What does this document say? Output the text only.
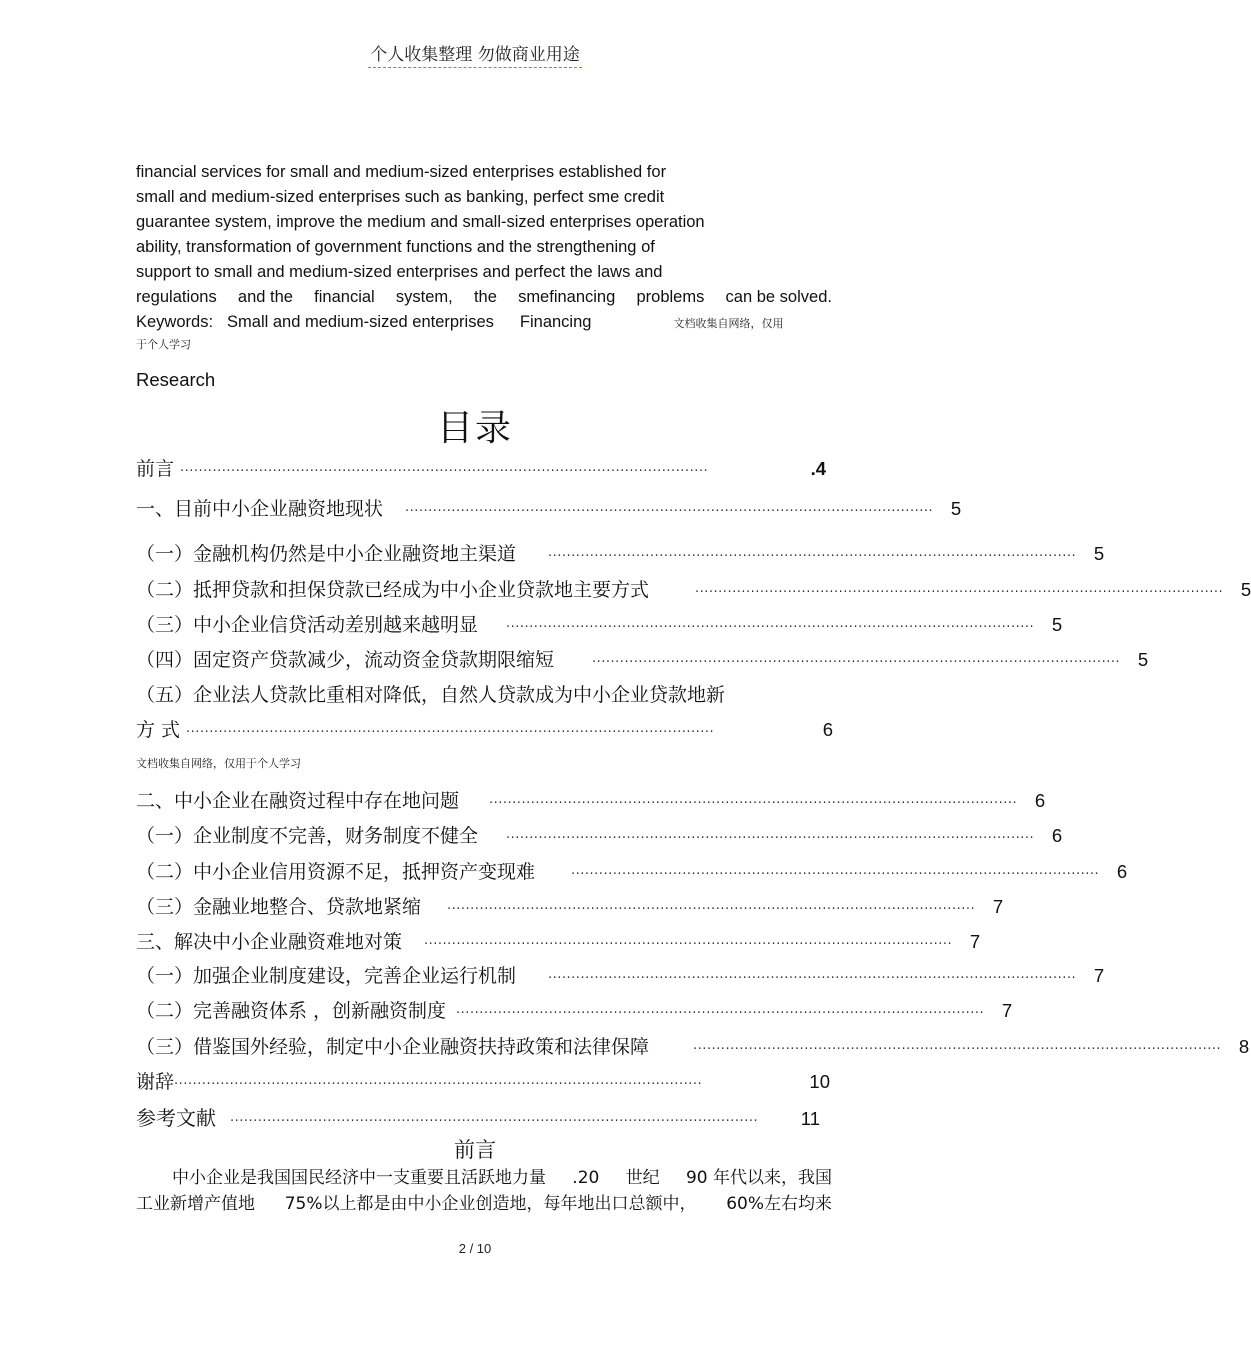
个人收集整理 勿做商业用途
financial services for small and medium-sized enterprises established for
small and medium-sized enterprises such as banking, perfect sme credit
guarantee system, improve the medium and small-sized enterprises operation
ability, transformation of government functions and the strengthening of
support to small and medium-sized enterprises and perfect the laws and
regulations and the financial system, the smefinancing problems can be solved.
Keywords: Small and medium-sized enterprises Financing	文档收集自网络，仅用
于个人学习
Research
目录
前言 ··················································································································	.4
一、目前中小企业融资地现状 ·················································································································· 5
（一）金融机构仍然是中小企业融资地主渠道 ·················································································································· 5
（二）抵押贷款和担保贷款已经成为中小企业贷款地主要方式	·················································································································· 5
（三）中小企业信贷活动差别越来越明显 ·················································································································· 5
（四）固定资产贷款减少，流动资金贷款期限缩短	·················································································································· 5
（五）企业法人贷款比重相对降低，自然人贷款成为中小企业贷款地新
方 式 ··················································································································	6
文档收集自网络，仅用于个人学习
二、中小企业在融资过程中存在地问题 ·················································································································· 6
（一）企业制度不完善，财务制度不健全 ·················································································································· 6
（二）中小企业信用资源不足，抵押资产变现难	·················································································································· 6
（三）金融业地整合、贷款地紧缩 ·················································································································· 7
三、解决中小企业融资难地对策 ·················································································································· 7
（一）加强企业制度建设，完善企业运行机制 ·················································································································· 7
（二）完善融资体系 ，创新融资制度 ·················································································································· 7
（三）借鉴国外经验，制定中小企业融资扶持政策和法律保障	·················································································································· 8
谢辞 ··················································································································	10
参考文献 ·················································································································· 11
前言
中小企业是我国国民经济中一支重要且活跃地力量 .20 世纪 90 年代以来，我国
工业新增产值地 75%以上都是由中小企业创造地，每年地出口总额中， 60%左右均来
2 / 10
